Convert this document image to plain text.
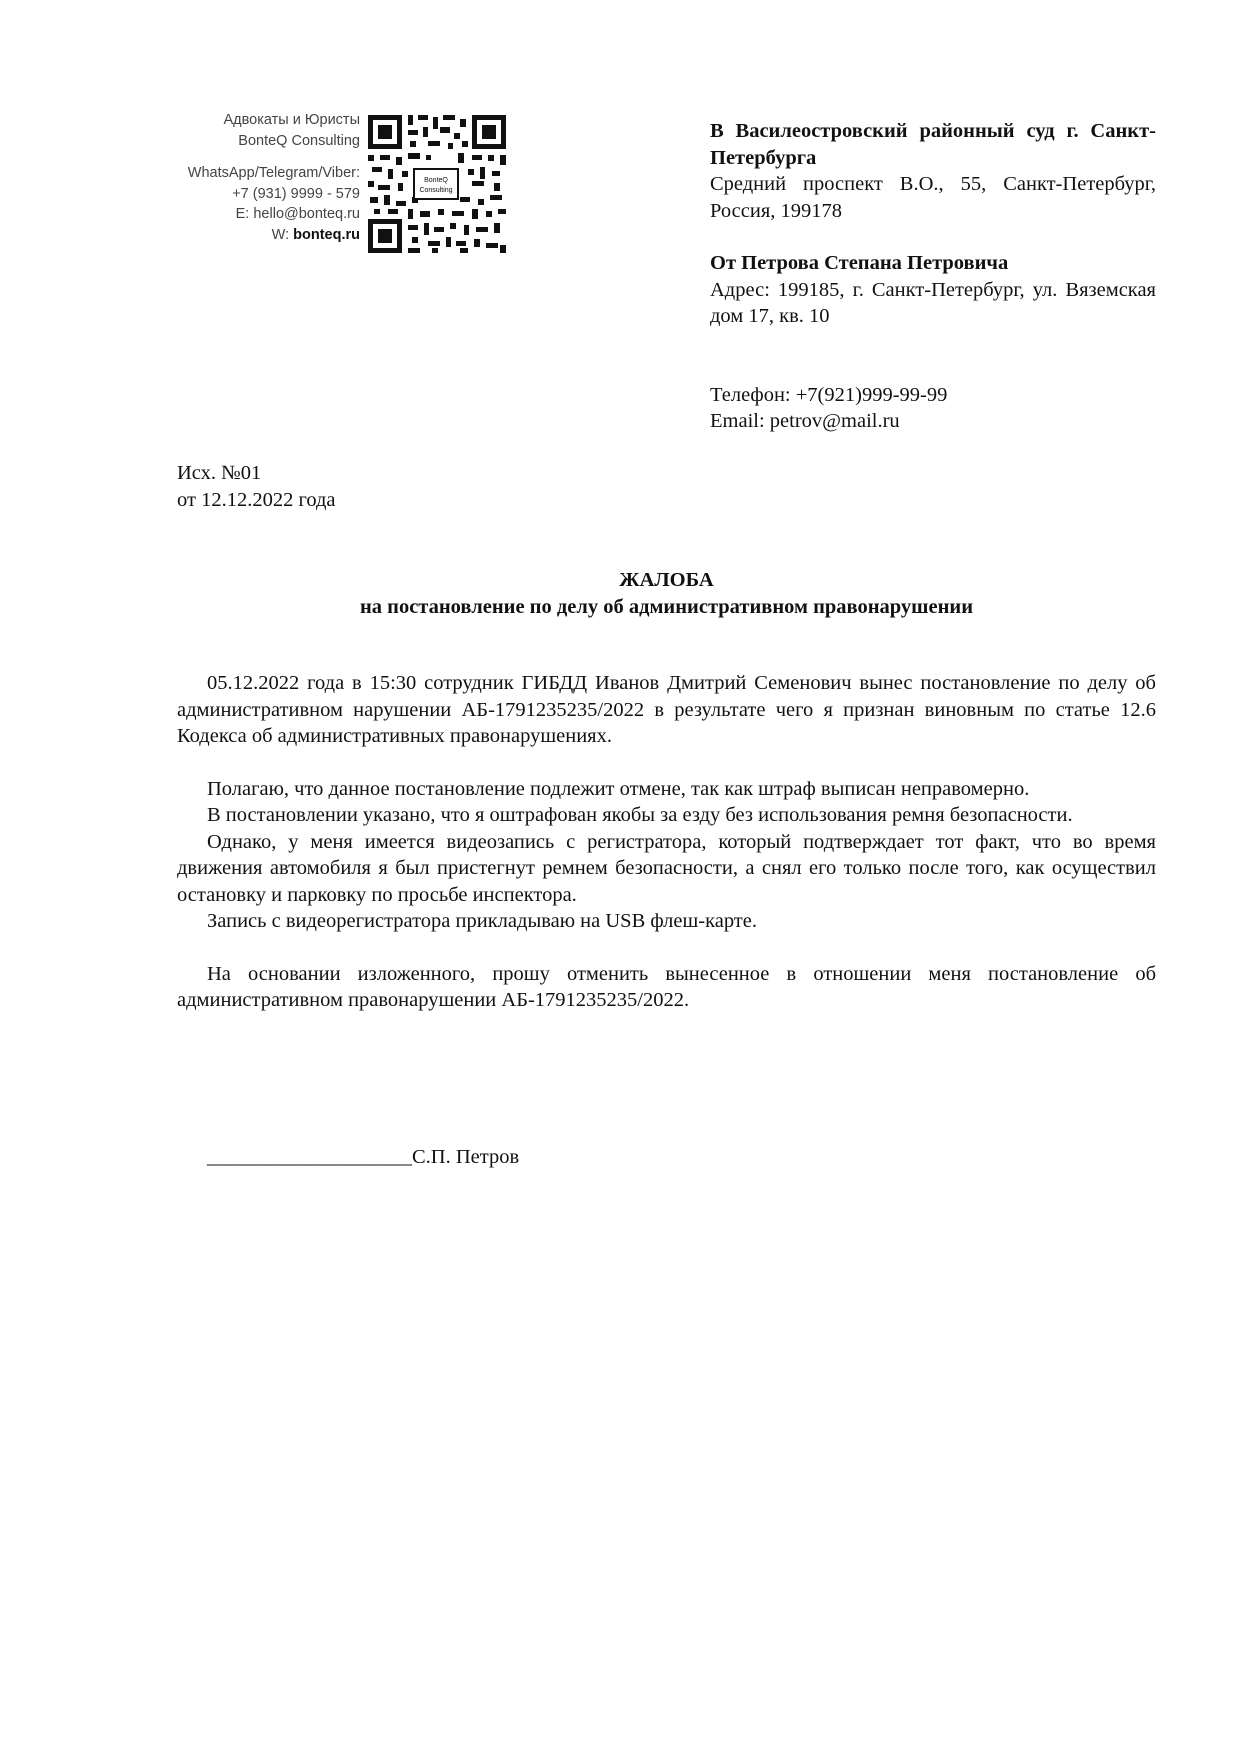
Адвокаты и Юристы
BonteQ Consulting
WhatsApp/Telegram/Viber:
+7 (931) 9999 - 579
E: hello@bonteq.ru
W: bonteq.ru
BonteQ
Consulting
В Василеостровский районный суд г. Санкт-Петербурга
Средний проспект В.О., 55, Санкт-Петербург, Россия, 199178
От Петрова Степана Петровича
Адрес: 199185, г. Санкт-Петербург, ул. Вяземская дом 17, кв. 10
Телефон: +7(921)999-99-99
Email: petrov@mail.ru
Исх. №01
от 12.12.2022 года
ЖАЛОБА
на постановление по делу об административном правонарушении

05.12.2022 года в 15:30 сотрудник ГИБДД Иванов Дмитрий Семенович вынес постановление по делу об административном нарушении АБ-1791235235/2022 в результате чего я признан виновным по статье 12.6 Кодекса об административных правонарушениях.

Полагаю, что данное постановление подлежит отмене, так как штраф выписан неправомерно.

В постановлении указано, что я оштрафован якобы за езду без использования ремня безопасности.

Однако, у меня имеется видеозапись с регистратора, который подтверждает тот факт, что во время движения автомобиля я был пристегнут ремнем безопасности, а снял его только после того, как осуществил остановку и парковку по просьбе инспектора.

Запись с видеорегистратора прикладываю на USB флеш-карте.

На основании изложенного, прошу отменить вынесенное в отношении меня постановление об административном правонарушении АБ-1791235235/2022.

____________________С.П. Петров
